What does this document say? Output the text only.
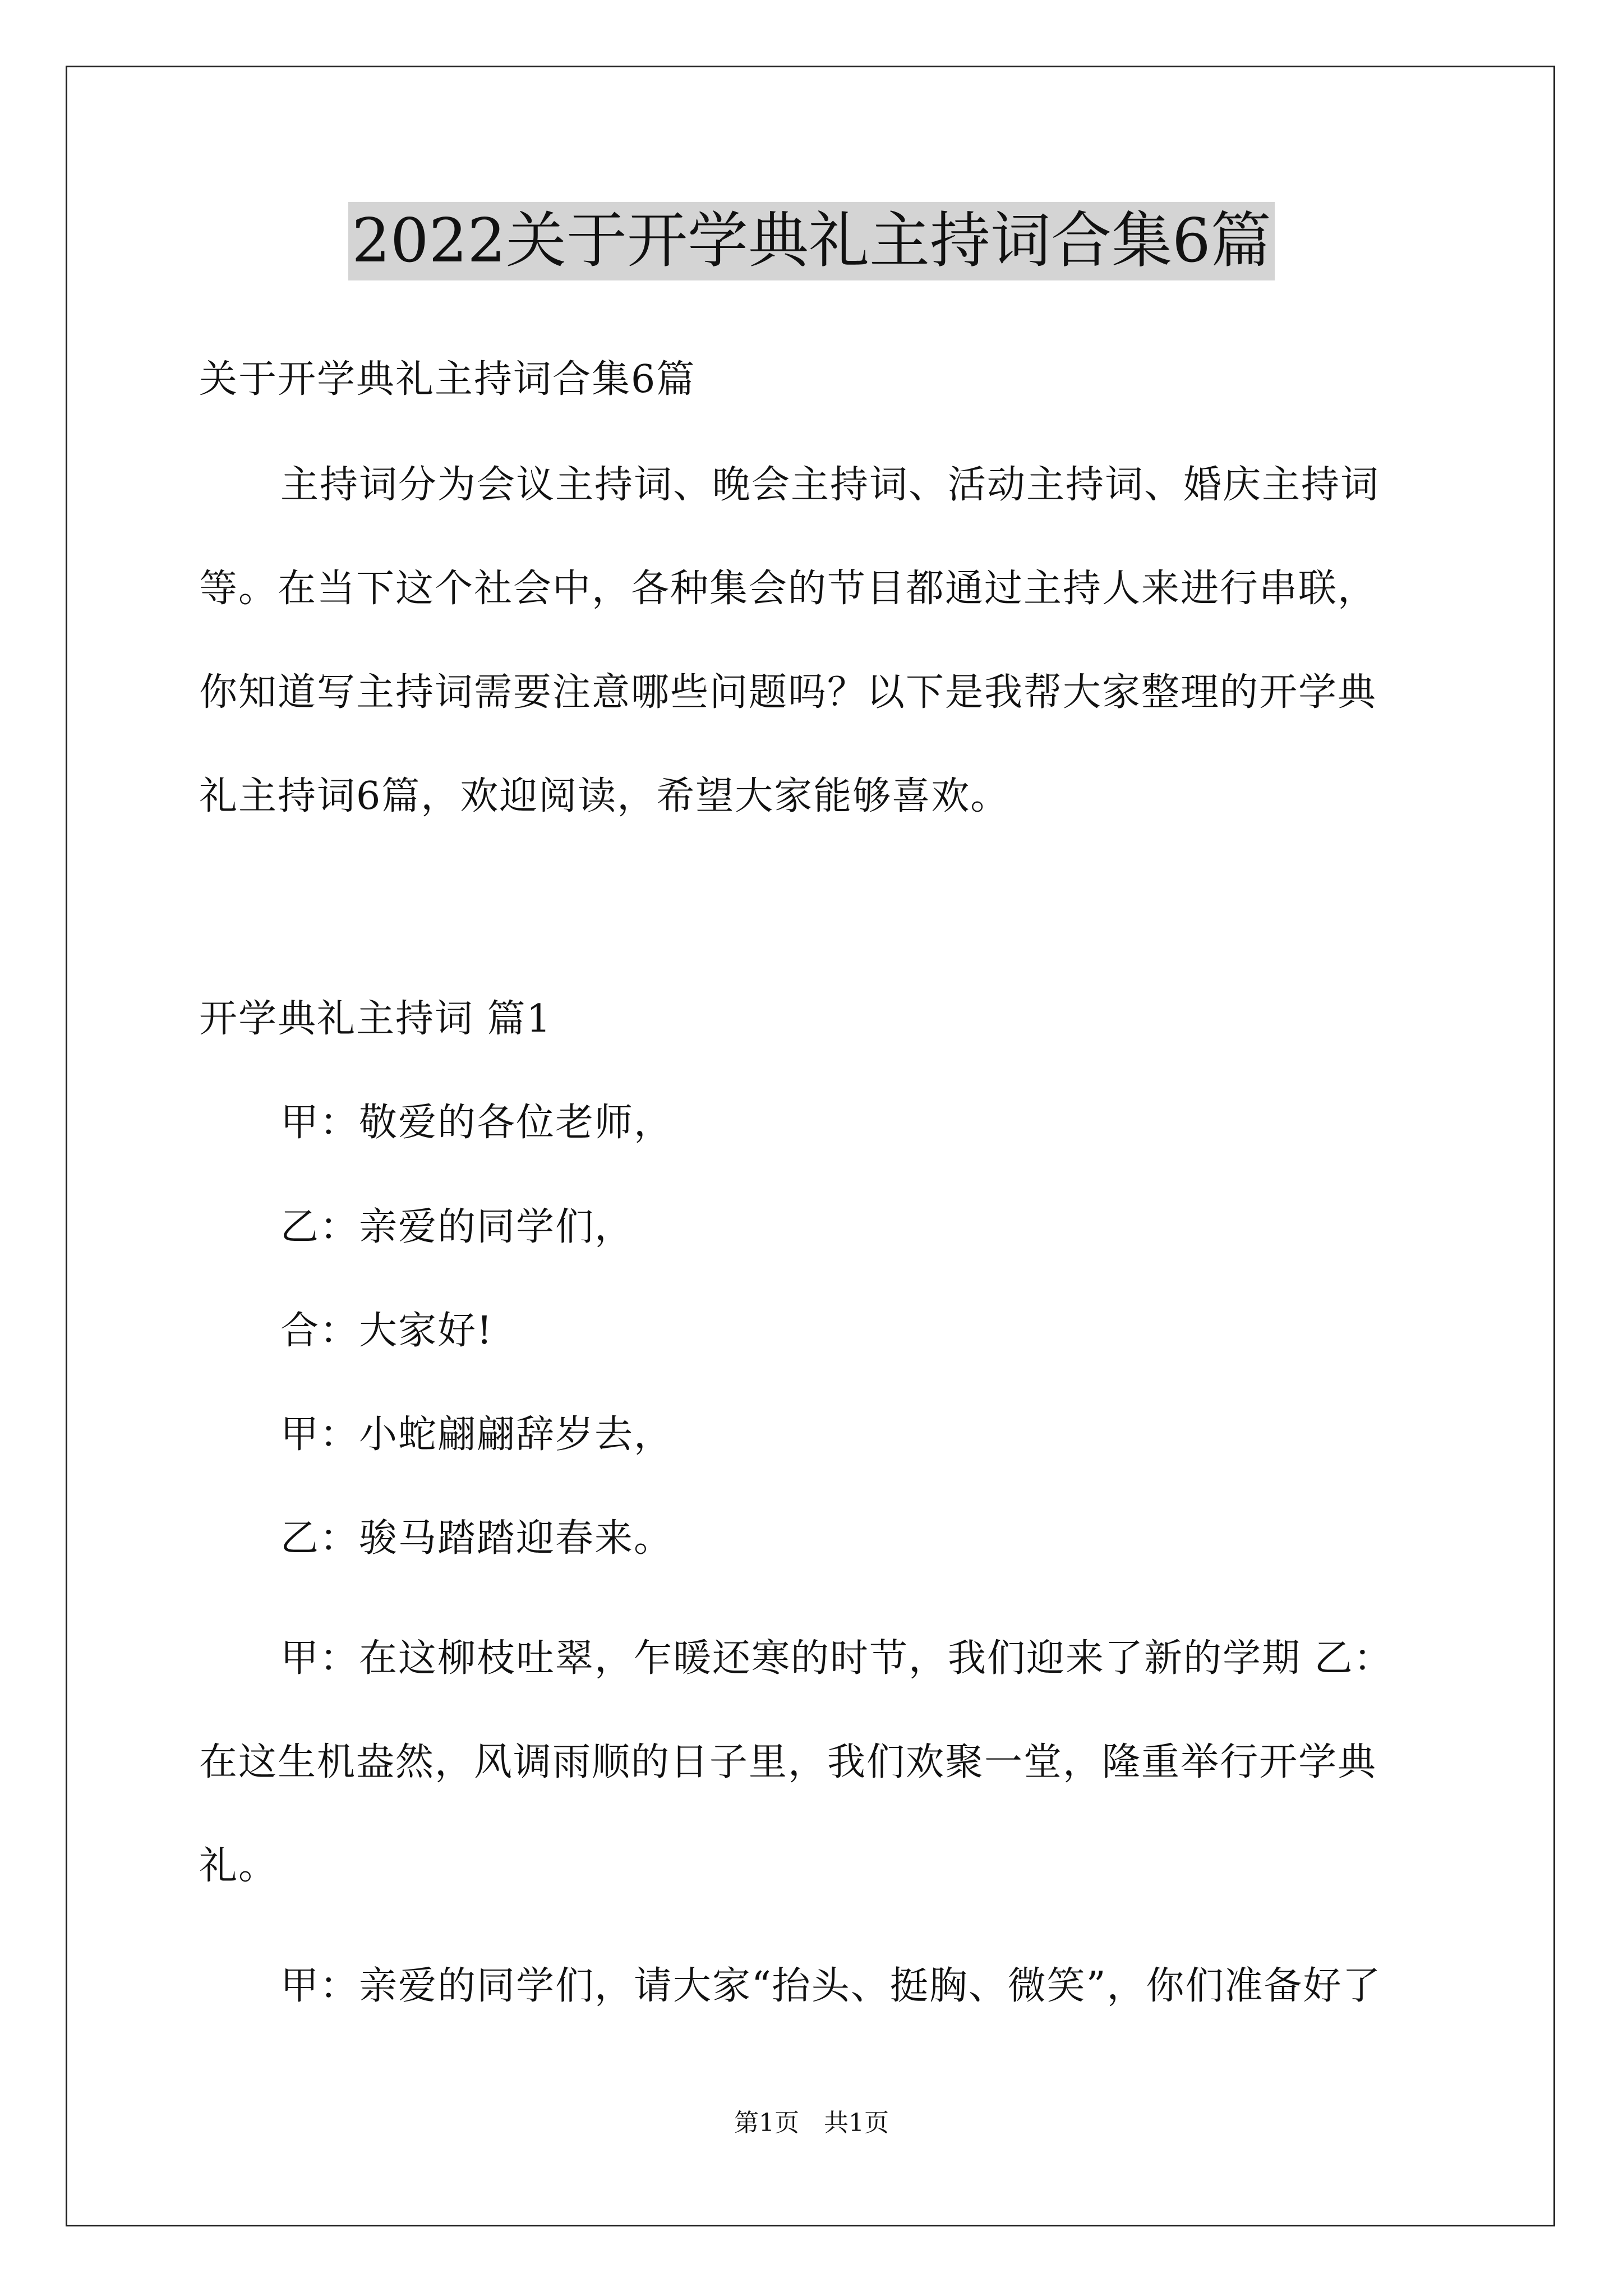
2022关于开学典礼主持词合集6篇
关于开学典礼主持词合集6篇
主持词分为会议主持词、晚会主持词、活动主持词、婚庆主持词
等。在当下这个社会中，各种集会的节目都通过主持人来进行串联，
你知道写主持词需要注意哪些问题吗？以下是我帮大家整理的开学典
礼主持词6篇，欢迎阅读，希望大家能够喜欢。
开学典礼主持词 篇1
甲：敬爱的各位老师，
乙：亲爱的同学们，
合：大家好!
甲：小蛇翩翩辞岁去，
乙：骏马踏踏迎春来。
甲：在这柳枝吐翠，乍暖还寒的时节，我们迎来了新的学期 乙：
在这生机盎然，风调雨顺的日子里，我们欢聚一堂，隆重举行开学典
礼。
甲：亲爱的同学们，请大家“抬头、挺胸、微笑”，你们准备好了
第1页 共1页
